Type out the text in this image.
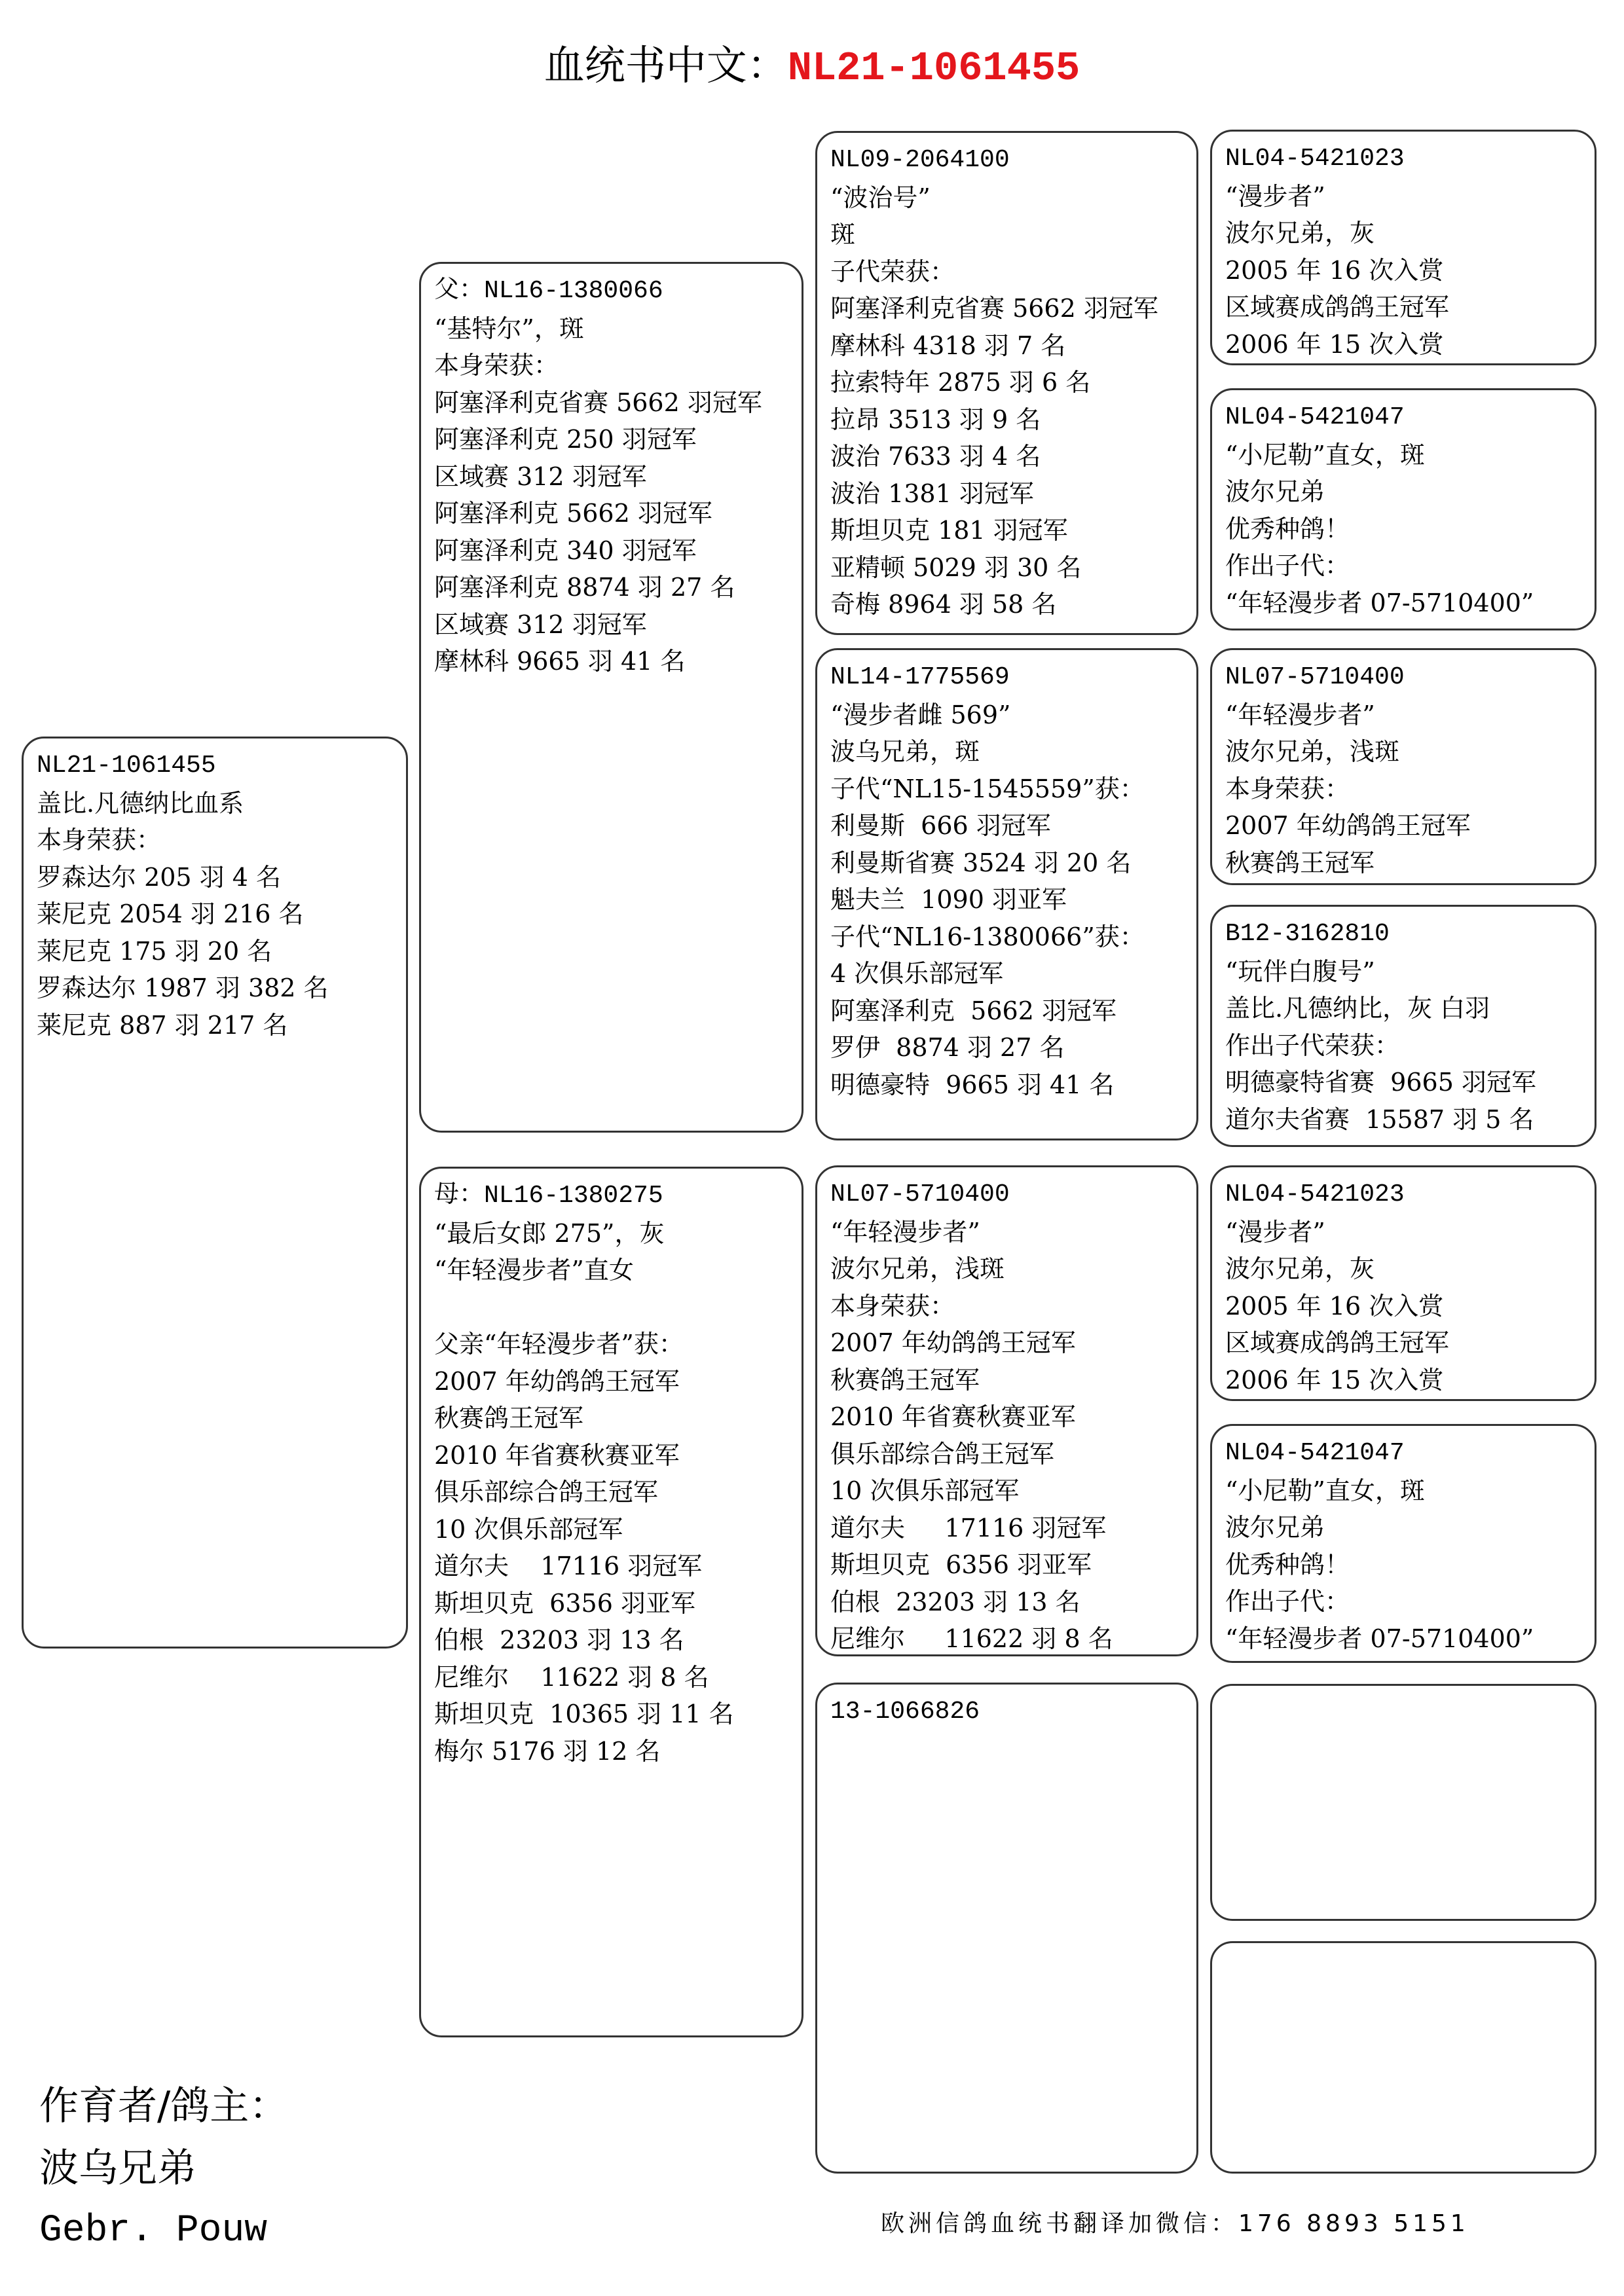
血统书中文：NL21-1061455
NL21-1061455
盖比.凡德纳比血系
本身荣获：
罗森达尔 205 羽 4 名
莱尼克 2054 羽 216 名
莱尼克 175 羽 20 名
罗森达尔 1987 羽 382 名
莱尼克 887 羽 217 名
父：NL16-1380066
“基特尔”，斑
本身荣获：
阿塞泽利克省赛 5662 羽冠军
阿塞泽利克 250 羽冠军
区域赛 312 羽冠军
阿塞泽利克 5662 羽冠军
阿塞泽利克 340 羽冠军
阿塞泽利克 8874 羽 27 名
区域赛 312 羽冠军
摩林科 9665 羽 41 名
母：NL16-1380275
“最后女郎 275”，灰
“年轻漫步者”直女
父亲“年轻漫步者”获：
2007 年幼鸽鸽王冠军
秋赛鸽王冠军
2010 年省赛秋赛亚军
俱乐部综合鸽王冠军
10 次俱乐部冠军
道尔夫    17116 羽冠军
斯坦贝克  6356 羽亚军
伯根  23203 羽 13 名
尼维尔    11622 羽 8 名
斯坦贝克  10365 羽 11 名
梅尔 5176 羽 12 名
NL09-2064100
“波治号”
斑
子代荣获：
阿塞泽利克省赛 5662 羽冠军
摩林科 4318 羽 7 名
拉索特年 2875 羽 6 名
拉昂 3513 羽 9 名
波治 7633 羽 4 名
波治 1381 羽冠军
斯坦贝克 181 羽冠军
亚精顿 5029 羽 30 名
奇梅 8964 羽 58 名
NL14-1775569
“漫步者雌 569”
波乌兄弟，斑
子代“NL15-1545559”获：
利曼斯  666 羽冠军
利曼斯省赛 3524 羽 20 名
魁夫兰  1090 羽亚军
子代“NL16-1380066”获：
4 次俱乐部冠军
阿塞泽利克  5662 羽冠军
罗伊  8874 羽 27 名
明德豪特  9665 羽 41 名
NL07-5710400
“年轻漫步者”
波尔兄弟，浅斑
本身荣获：
2007 年幼鸽鸽王冠军
秋赛鸽王冠军
2010 年省赛秋赛亚军
俱乐部综合鸽王冠军
10 次俱乐部冠军
道尔夫     17116 羽冠军
斯坦贝克  6356 羽亚军
伯根  23203 羽 13 名
尼维尔     11622 羽 8 名
13-1066826
NL04-5421023
“漫步者”
波尔兄弟，灰
2005 年 16 次入赏
区域赛成鸽鸽王冠军
2006 年 15 次入赏
NL04-5421047
“小尼勒”直女，斑
波尔兄弟
优秀种鸽！
作出子代：
“年轻漫步者 07-5710400”
NL07-5710400
“年轻漫步者”
波尔兄弟，浅斑
本身荣获：
2007 年幼鸽鸽王冠军
秋赛鸽王冠军
B12-3162810
“玩伴白腹号”
盖比.凡德纳比，灰 白羽
作出子代荣获：
明德豪特省赛  9665 羽冠军
道尔夫省赛  15587 羽 5 名
NL04-5421023
“漫步者”
波尔兄弟，灰
2005 年 16 次入赏
区域赛成鸽鸽王冠军
2006 年 15 次入赏
NL04-5421047
“小尼勒”直女，斑
波尔兄弟
优秀种鸽！
作出子代：
“年轻漫步者 07-5710400”
作育者/鸽主：
波乌兄弟
Gebr. Pouw	欧洲信鸽血统书翻译加微信：176 8893 5151
